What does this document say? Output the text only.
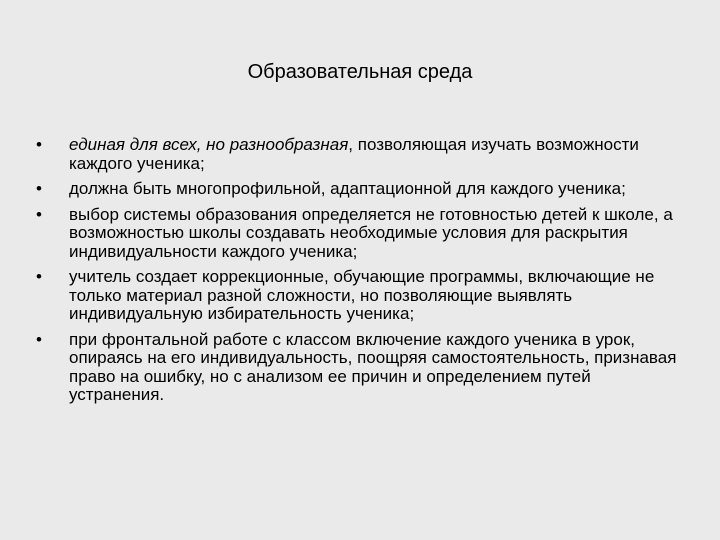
Образовательная среда
• единая для всех, но разнообразная, позволяющая изучать возможности каждого ученика;
• должна быть многопрофильной, адаптационной для каждого ученика;
• выбор системы образования определяется не готовностью детей к школе, а возможностью школы создавать необходимые условия для раскрытия индивидуальности каждого ученика;
• учитель создает коррекционные, обучающие программы, включающие не только материал разной сложности, но позволяющие выявлять индивидуальную избирательность ученика;
• при фронтальной работе с классом включение каждого ученика в урок, опираясь на его индивидуальность, поощряя самостоятельность, признавая право на ошибку, но с анализом ее причин и определением путей устранения.
